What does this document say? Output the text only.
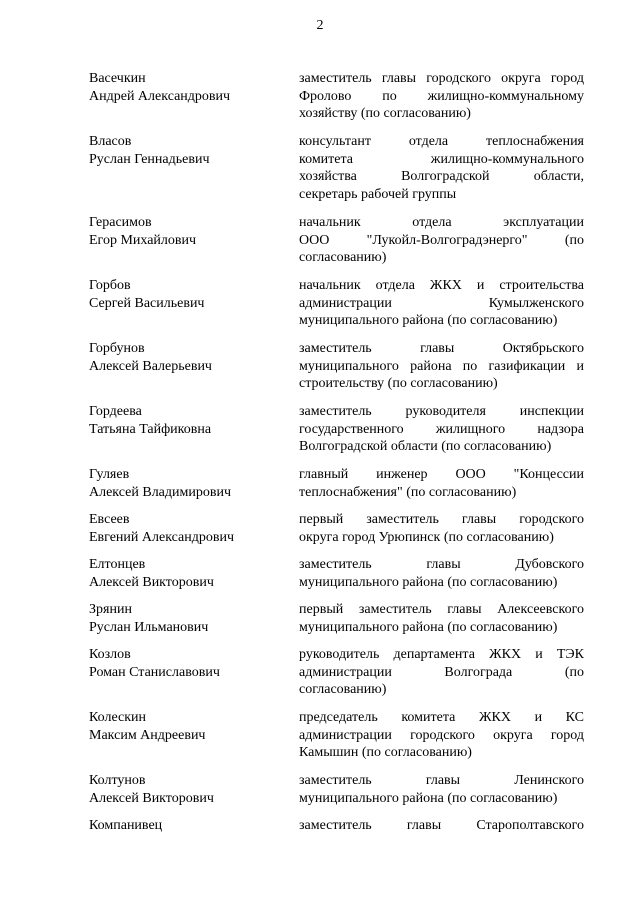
2
Васечкин
Андрей Александрович
заместитель главы городского округа город
Фролово по жилищно-коммунальному
хозяйству (по согласованию)
Власов
Руслан Геннадьевич
консультант отдела теплоснабжения
комитета жилищно-коммунального
хозяйства Волгоградской области,
секретарь рабочей группы
Герасимов
Егор Михайлович
начальник отдела эксплуатации
ООО "Лукойл-Волгоградэнерго" (по
согласованию)
Горбов
Сергей Васильевич
начальник отдела ЖКХ и строительства
администрации Кумылженского
муниципального района (по согласованию)
Горбунов
Алексей Валерьевич
заместитель главы Октябрьского
муниципального района по газификации и
строительству (по согласованию)
Гордеева
Татьяна Тайфиковна
заместитель руководителя инспекции
государственного жилищного надзора
Волгоградской области (по согласованию)
Гуляев
Алексей Владимирович
главный инженер ООО "Концессии
теплоснабжения" (по согласованию)
Евсеев
Евгений Александрович
первый заместитель главы городского
округа город Урюпинск (по согласованию)
Елтонцев
Алексей Викторович
заместитель главы Дубовского
муниципального района (по согласованию)
Зрянин
Руслан Ильманович
первый заместитель главы Алексеевского
муниципального района (по согласованию)
Козлов
Роман Станиславович
руководитель департамента ЖКХ и ТЭК
администрации Волгограда (по
согласованию)
Колескин
Максим Андреевич
председатель комитета ЖКХ и КС
администрации городского округа город
Камышин (по согласованию)
Колтунов
Алексей Викторович
заместитель главы Ленинского
муниципального района (по согласованию)
Компанивец	заместитель главы Старополтавского
